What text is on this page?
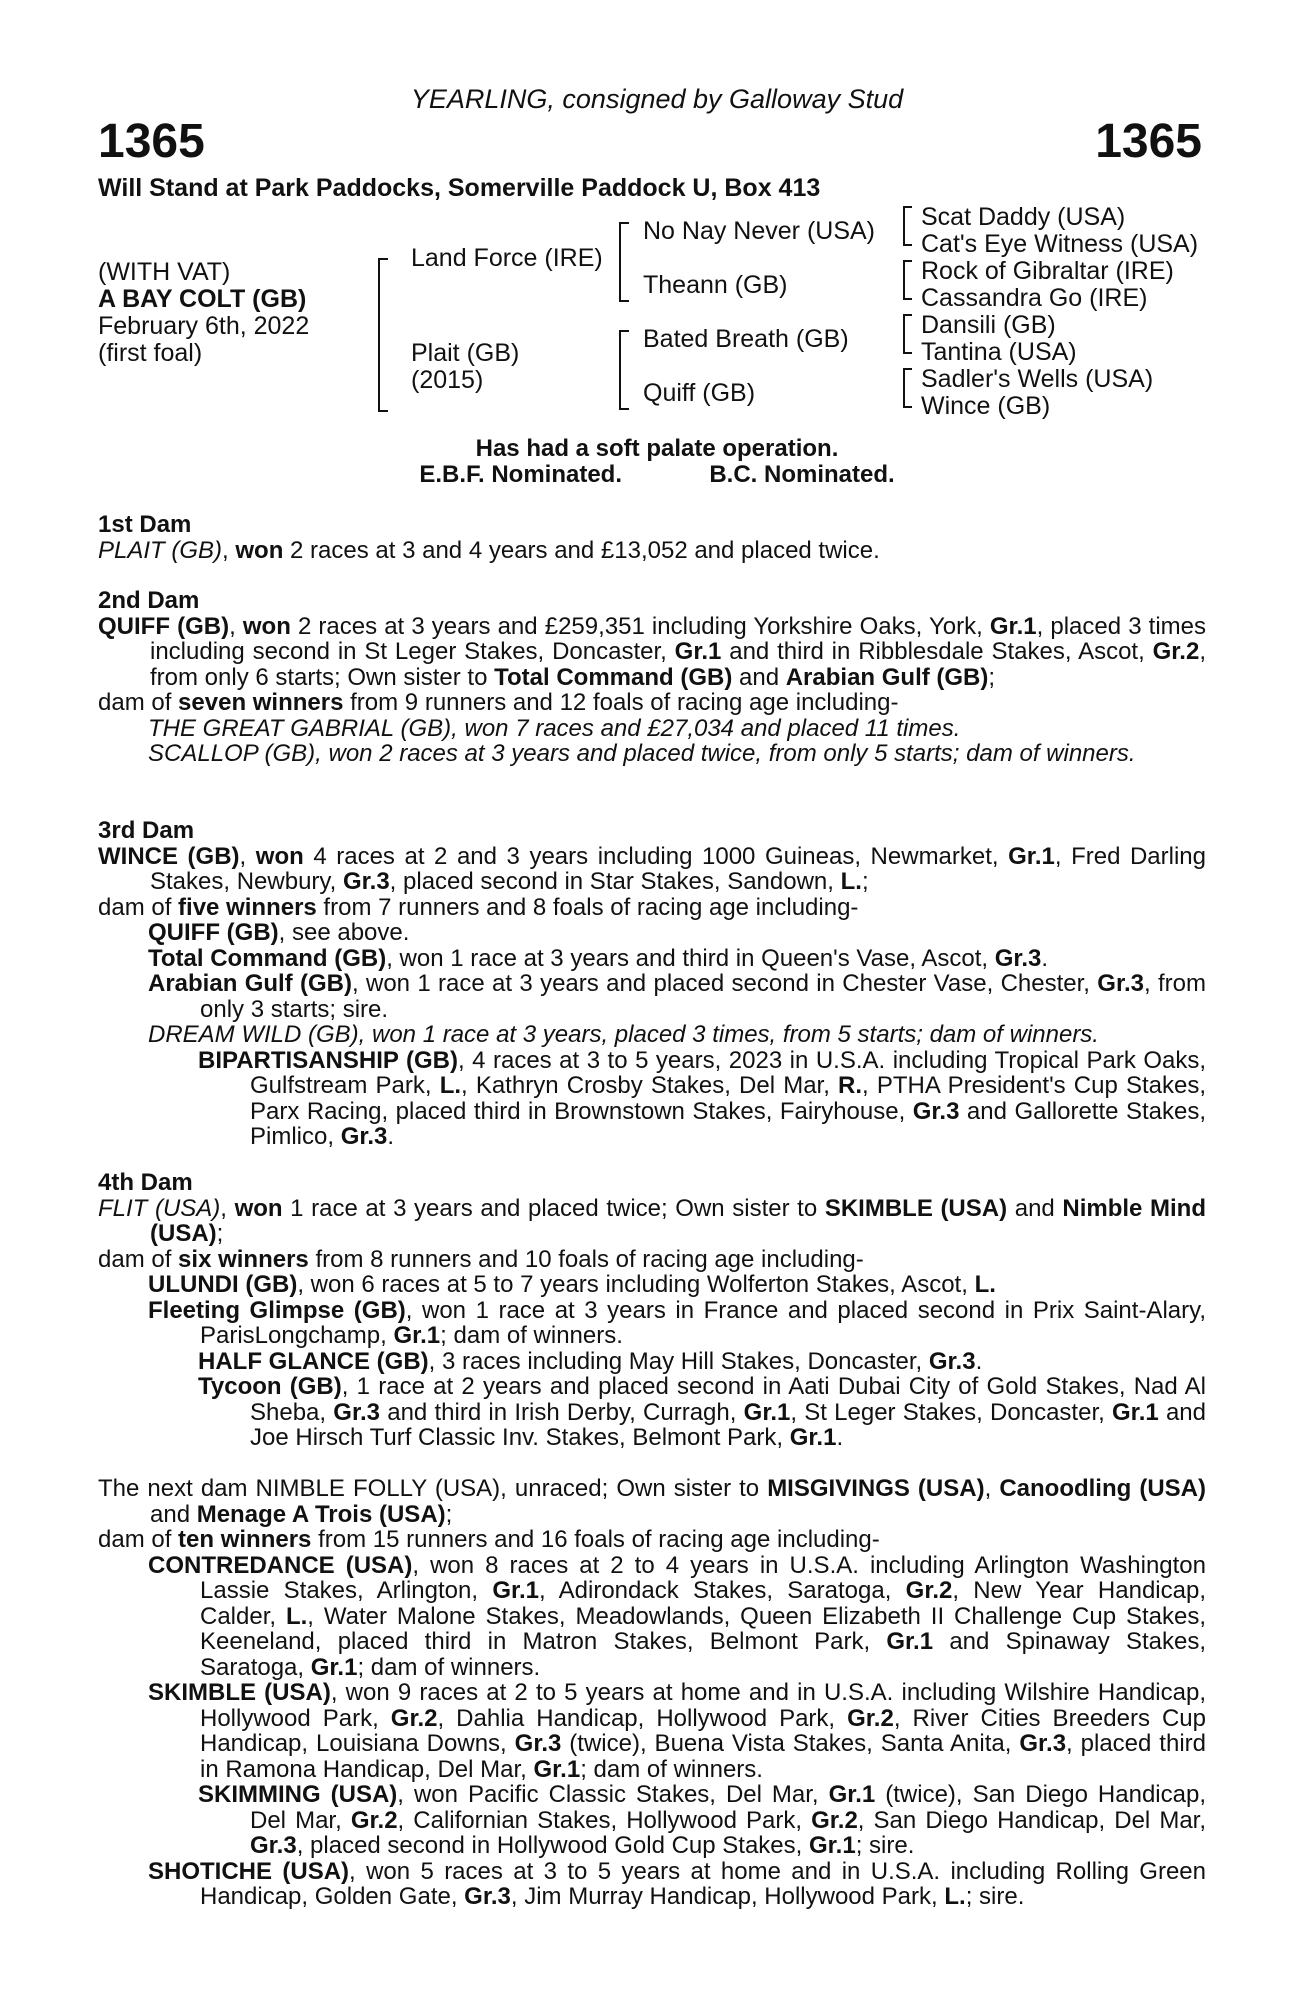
YEARLING, consigned by Galloway Stud
1365	1365
Will Stand at Park Paddocks, Somerville Paddock U, Box 413
(WITH VAT)
A BAY COLT (GB)
February 6th, 2022
(first foal)
Land Force (IRE)
Plait (GB)
(2015)
No Nay Never (USA)
Theann (GB)
Bated Breath (GB)
Quiff (GB)
Scat Daddy (USA)
Cat's Eye Witness (USA)
Rock of Gibraltar (IRE)
Cassandra Go (IRE)
Dansili (GB)
Tantina (USA)
Sadler's Wells (USA)
Wince (GB)
Has had a soft palate operation.
E.B.F. Nominated.	B.C. Nominated.
1st Dam

PLAIT (GB), won 2 races at 3 and 4 years and £13,052 and placed twice.

2nd Dam

QUIFF (GB), won 2 races at 3 years and £259,351 including Yorkshire Oaks, York, Gr.1, placed 3 times including second in St Leger Stakes, Doncaster, Gr.1 and third in Ribblesdale Stakes, Ascot, Gr.2, from only 6 starts; Own sister to Total Command (GB) and Arabian Gulf (GB);

dam of seven winners from 9 runners and 12 foals of racing age including-

THE GREAT GABRIAL (GB), won 7 races and £27,034 and placed 11 times.

SCALLOP (GB), won 2 races at 3 years and placed twice, from only 5 starts; dam of winners.

3rd Dam

WINCE (GB), won 4 races at 2 and 3 years including 1000 Guineas, Newmarket, Gr.1, Fred Darling Stakes, Newbury, Gr.3, placed second in Star Stakes, Sandown, L.;

dam of five winners from 7 runners and 8 foals of racing age including-

QUIFF (GB), see above.

Total Command (GB), won 1 race at 3 years and third in Queen's Vase, Ascot, Gr.3.

Arabian Gulf (GB), won 1 race at 3 years and placed second in Chester Vase, Chester, Gr.3, from only 3 starts; sire.

DREAM WILD (GB), won 1 race at 3 years, placed 3 times, from 5 starts; dam of winners.

BIPARTISANSHIP (GB), 4 races at 3 to 5 years, 2023 in U.S.A. including Tropical Park Oaks, Gulfstream Park, L., Kathryn Crosby Stakes, Del Mar, R., PTHA President's Cup Stakes, Parx Racing, placed third in Brownstown Stakes, Fairyhouse, Gr.3 and Gallorette Stakes, Pimlico, Gr.3.

4th Dam

FLIT (USA), won 1 race at 3 years and placed twice; Own sister to SKIMBLE (USA) and Nimble Mind (USA);

dam of six winners from 8 runners and 10 foals of racing age including-

ULUNDI (GB), won 6 races at 5 to 7 years including Wolferton Stakes, Ascot, L.

Fleeting Glimpse (GB), won 1 race at 3 years in France and placed second in Prix Saint-Alary, ParisLongchamp, Gr.1; dam of winners.

HALF GLANCE (GB), 3 races including May Hill Stakes, Doncaster, Gr.3.

Tycoon (GB), 1 race at 2 years and placed second in Aati Dubai City of Gold Stakes, Nad Al Sheba, Gr.3 and third in Irish Derby, Curragh, Gr.1, St Leger Stakes, Doncaster, Gr.1 and Joe Hirsch Turf Classic Inv. Stakes, Belmont Park, Gr.1.

The next dam NIMBLE FOLLY (USA), unraced; Own sister to MISGIVINGS (USA), Canoodling (USA) and Menage A Trois (USA);

dam of ten winners from 15 runners and 16 foals of racing age including-

CONTREDANCE (USA), won 8 races at 2 to 4 years in U.S.A. including Arlington Washington Lassie Stakes, Arlington, Gr.1, Adirondack Stakes, Saratoga, Gr.2, New Year Handicap, Calder, L., Water Malone Stakes, Meadowlands, Queen Elizabeth II Challenge Cup Stakes, Keeneland, placed third in Matron Stakes, Belmont Park, Gr.1 and Spinaway Stakes, Saratoga, Gr.1; dam of winners.

SKIMBLE (USA), won 9 races at 2 to 5 years at home and in U.S.A. including Wilshire Handicap, Hollywood Park, Gr.2, Dahlia Handicap, Hollywood Park, Gr.2, River Cities Breeders Cup Handicap, Louisiana Downs, Gr.3 (twice), Buena Vista Stakes, Santa Anita, Gr.3, placed third in Ramona Handicap, Del Mar, Gr.1; dam of winners.

SKIMMING (USA), won Pacific Classic Stakes, Del Mar, Gr.1 (twice), San Diego Handicap, Del Mar, Gr.2, Californian Stakes, Hollywood Park, Gr.2, San Diego Handicap, Del Mar, Gr.3, placed second in Hollywood Gold Cup Stakes, Gr.1; sire.

SHOTICHE (USA), won 5 races at 3 to 5 years at home and in U.S.A. including Rolling Green Handicap, Golden Gate, Gr.3, Jim Murray Handicap, Hollywood Park, L.; sire.
